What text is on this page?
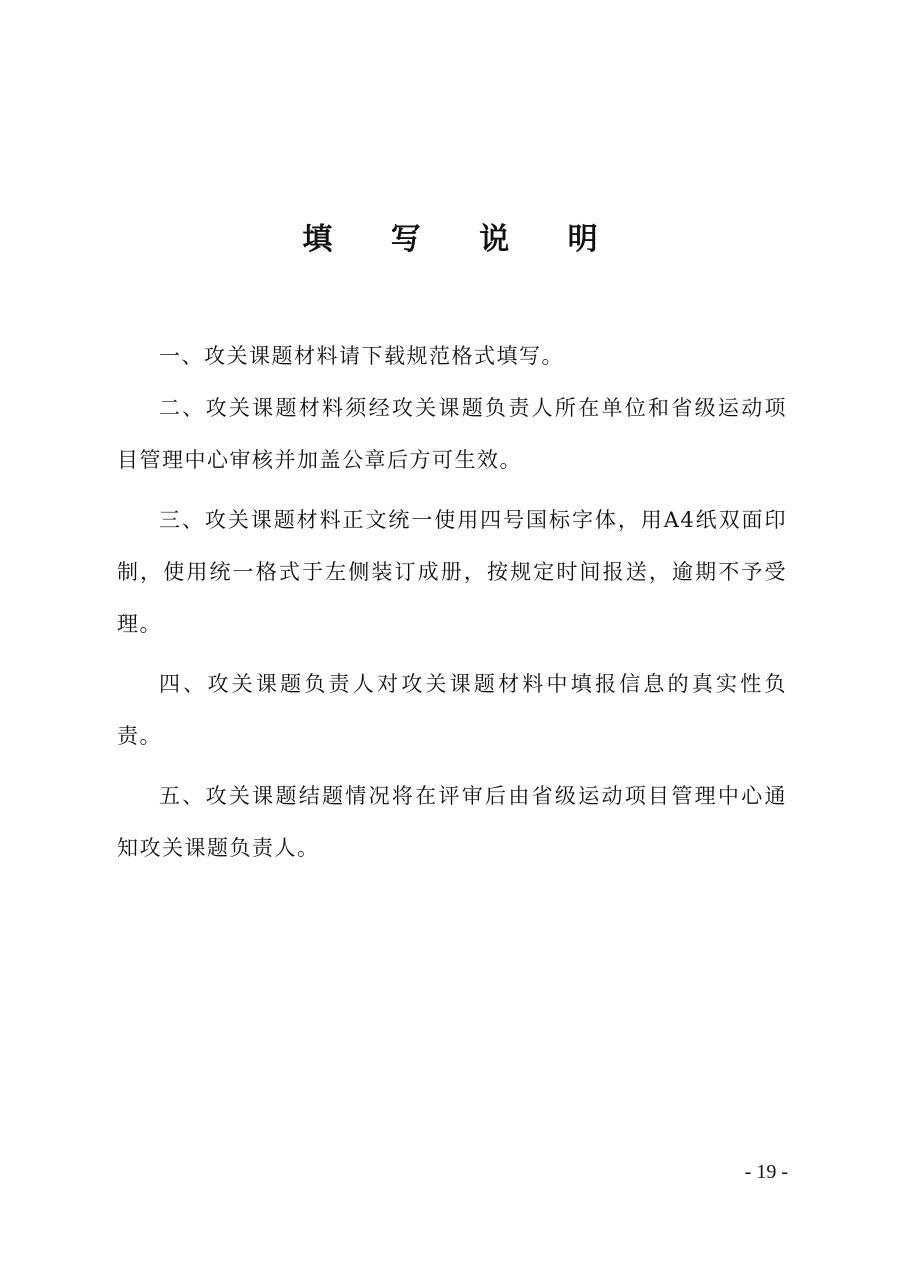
填 写 说 明

一、攻关课题材料请下载规范格式填写。

二、攻关课题材料须经攻关课题负责人所在单位和省级运动项目管理中心审核并加盖公章后方可生效。

三、攻关课题材料正文统一使用四号国标字体，用A4纸双面印制，使用统一格式于左侧装订成册，按规定时间报送，逾期不予受理。

四、攻关课题负责人对攻关课题材料中填报信息的真实性负责。

五、攻关课题结题情况将在评审后由省级运动项目管理中心通知攻关课题负责人。

- 19 -
